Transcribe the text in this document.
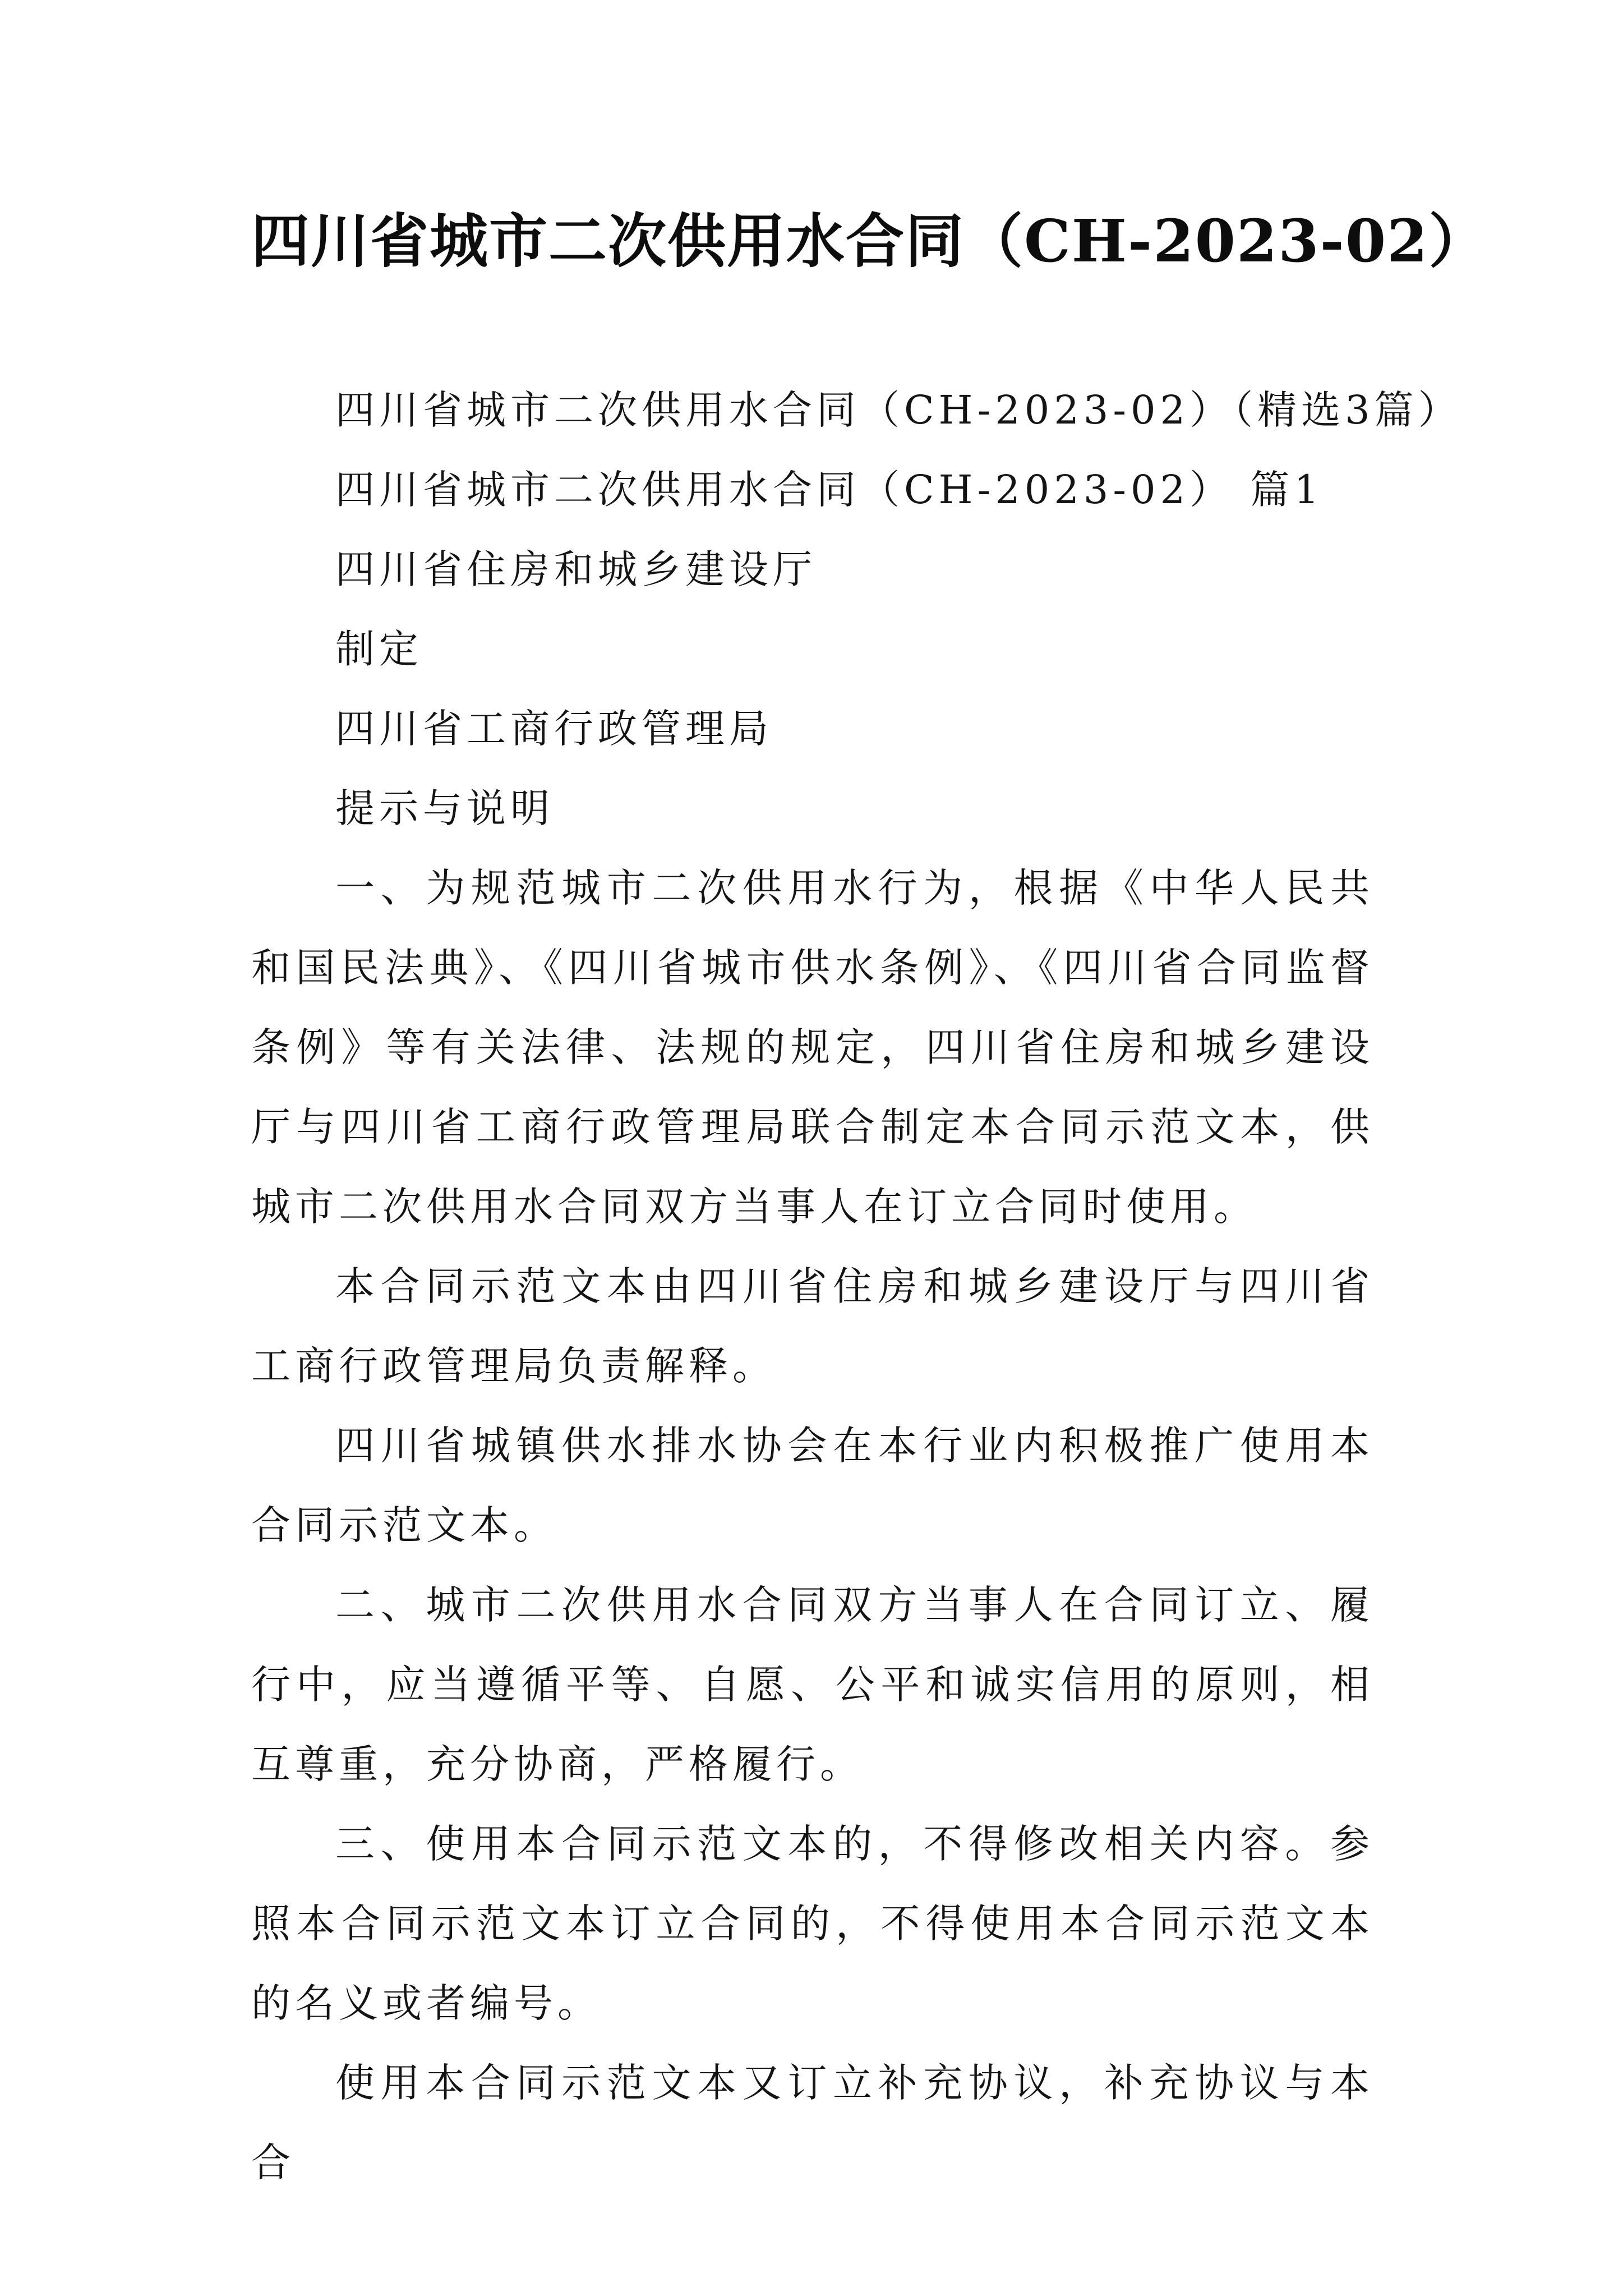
四川省城市二次供用水合同（CH-2023-02）

四川省城市二次供用水合同（CH-2023-02）（精选3篇）

四川省城市二次供用水合同（CH-2023-02） 篇1

四川省住房和城乡建设厅

制定

四川省工商行政管理局

提示与说明

一、为规范城市二次供用水行为，根据《中华人民共和国民法典》、《四川省城市供水条例》、《四川省合同监督条例》等有关法律、法规的规定，四川省住房和城乡建设厅与四川省工商行政管理局联合制定本合同示范文本，供城市二次供用水合同双方当事人在订立合同时使用。

本合同示范文本由四川省住房和城乡建设厅与四川省工商行政管理局负责解释。

四川省城镇供水排水协会在本行业内积极推广使用本合同示范文本。

二、城市二次供用水合同双方当事人在合同订立、履行中，应当遵循平等、自愿、公平和诚实信用的原则，相互尊重，充分协商，严格履行。

三、使用本合同示范文本的，不得修改相关内容。参照本合同示范文本订立合同的，不得使用本合同示范文本的名义或者编号。

使用本合同示范文本又订立补充协议，补充协议与本合
